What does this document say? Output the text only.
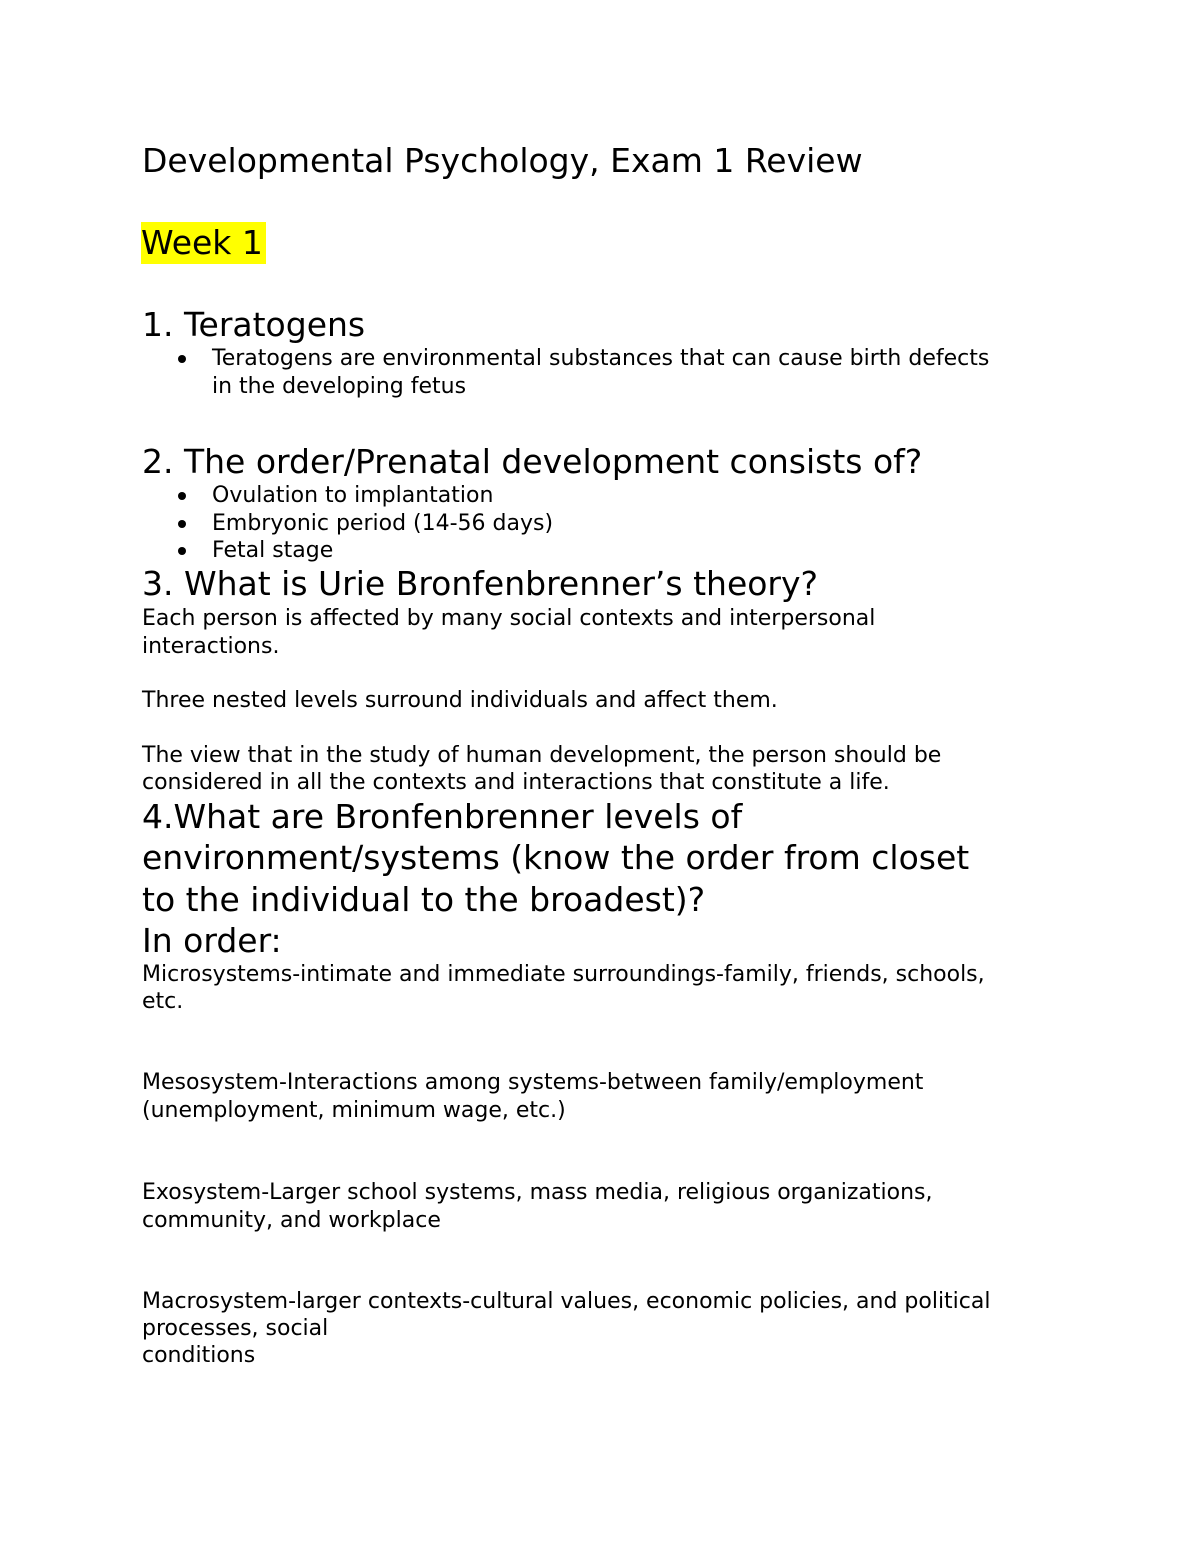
Developmental Psychology, Exam 1 Review
Week 1
1. Teratogens
Teratogens are environmental substances that can cause birth defects
in the developing fetus
2. The order/Prenatal development consists of?
Ovulation to implantation
Embryonic period (14-56 days)
Fetal stage
3. What is Urie Bronfenbrenner’s theory?
Each person is affected by many social contexts and interpersonal
interactions.
Three nested levels surround individuals and affect them.
The view that in the study of human development, the person should be
considered in all the contexts and interactions that constitute a life.
4.What are Bronfenbrenner levels of
environment/systems (know the order from closet
to the individual to the broadest)?
In order:
Microsystems-intimate and immediate surroundings-family, friends, schools,
etc.
Mesosystem-Interactions among systems-between family/employment
(unemployment, minimum wage, etc.)
Exosystem-Larger school systems, mass media, religious organizations,
community, and workplace
Macrosystem-larger contexts-cultural values, economic policies, and political
processes, social
conditions
